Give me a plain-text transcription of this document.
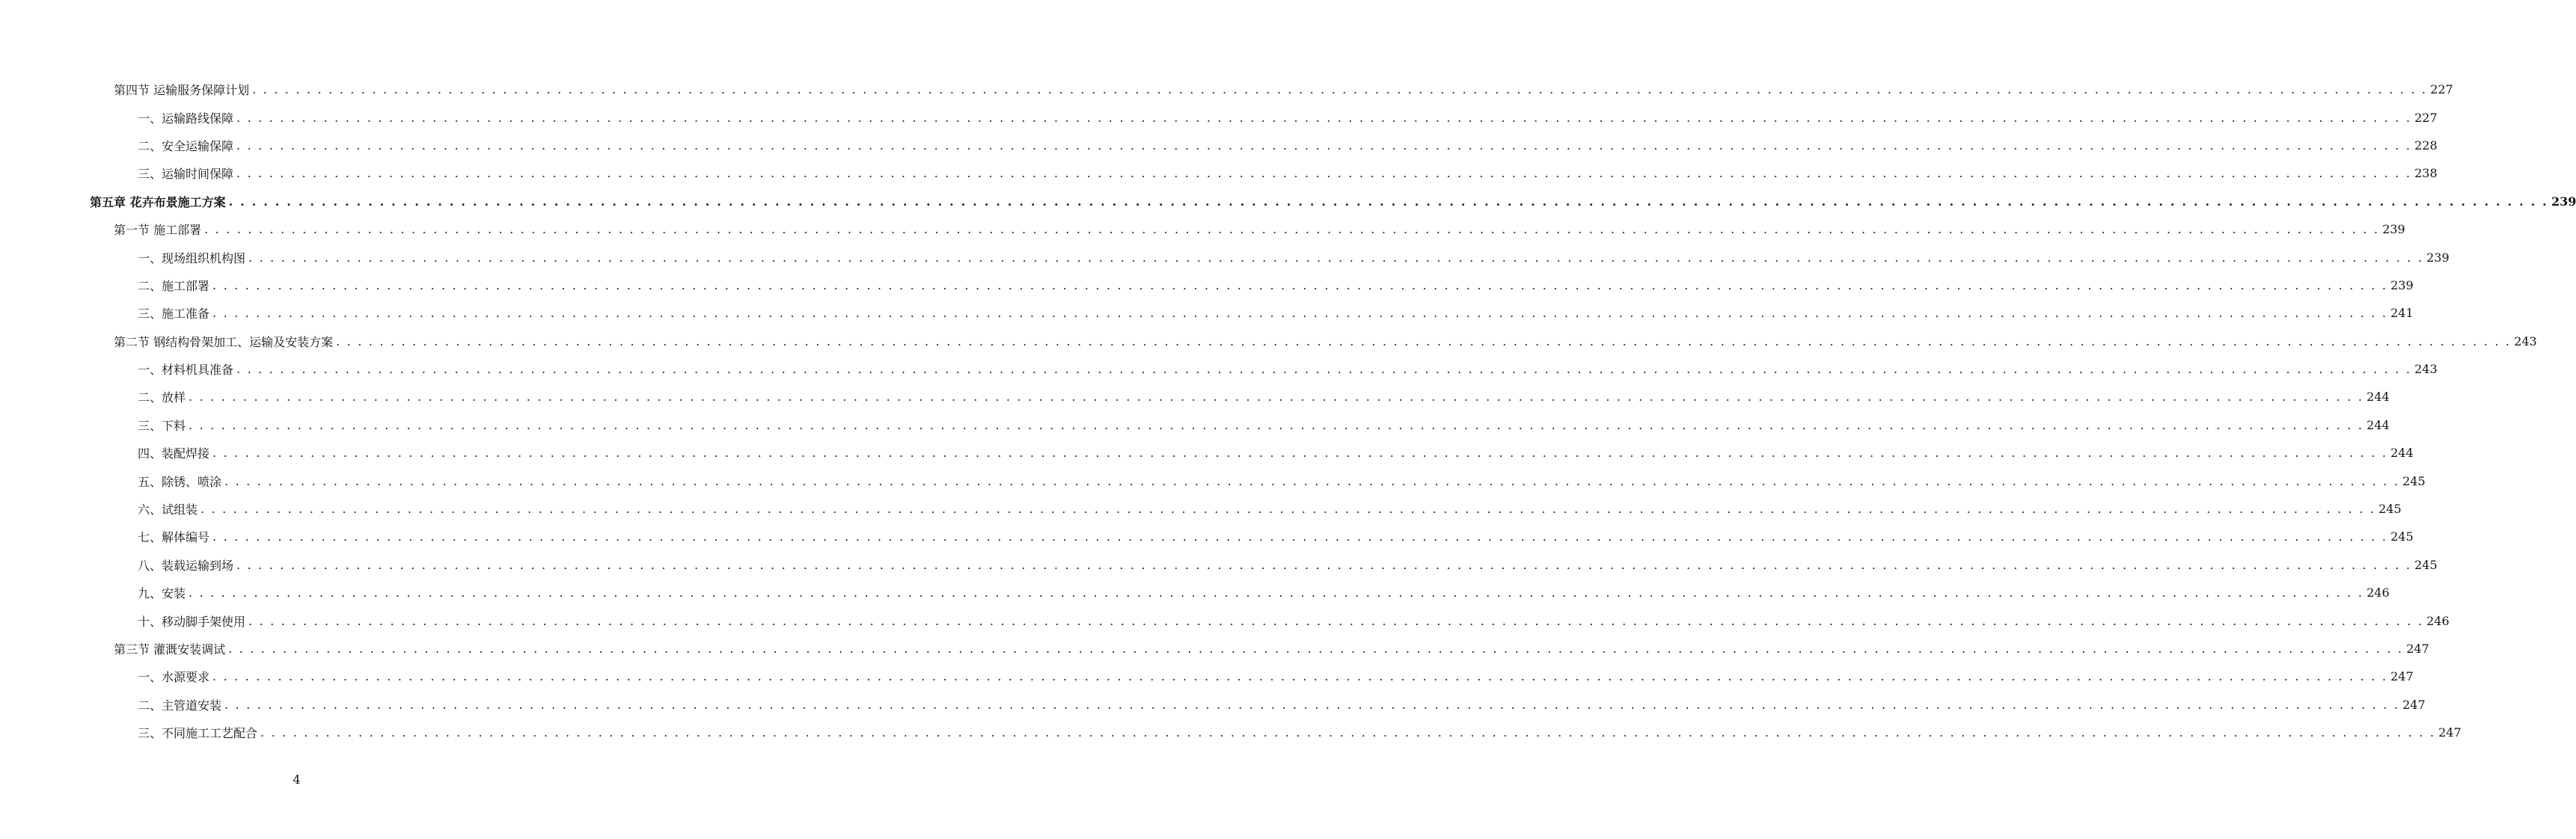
第四节 运输服务保障计划 . . . . . . . . . . . . . . . . . . . . . . . . . . . . . . . . . . . . . . . . . . . . . . . . . . . . . . . . . . . . . . . . . . . . . . . . . . . . . . . . . . . . . . . . . . . . . . . . . . . . . . . . . . . . . . . . . . . . . . . . . . . . . . . . . . . . . . . . . . . . . . . . . . . . . . . . . . . . . . . . . . . . . . . . . . . . . . . . . . . . . . . . . . . . . . . . . . . . . . . . 227
一、运输路线保障 . . . . . . . . . . . . . . . . . . . . . . . . . . . . . . . . . . . . . . . . . . . . . . . . . . . . . . . . . . . . . . . . . . . . . . . . . . . . . . . . . . . . . . . . . . . . . . . . . . . . . . . . . . . . . . . . . . . . . . . . . . . . . . . . . . . . . . . . . . . . . . . . . . . . . . . . . . . . . . . . . . . . . . . . . . . . . . . . . . . . . . . . . . . . . . . . . . . . . . . . 227
二、安全运输保障 . . . . . . . . . . . . . . . . . . . . . . . . . . . . . . . . . . . . . . . . . . . . . . . . . . . . . . . . . . . . . . . . . . . . . . . . . . . . . . . . . . . . . . . . . . . . . . . . . . . . . . . . . . . . . . . . . . . . . . . . . . . . . . . . . . . . . . . . . . . . . . . . . . . . . . . . . . . . . . . . . . . . . . . . . . . . . . . . . . . . . . . . . . . . . . . . . . . . . . . . 228
三、运输时间保障 . . . . . . . . . . . . . . . . . . . . . . . . . . . . . . . . . . . . . . . . . . . . . . . . . . . . . . . . . . . . . . . . . . . . . . . . . . . . . . . . . . . . . . . . . . . . . . . . . . . . . . . . . . . . . . . . . . . . . . . . . . . . . . . . . . . . . . . . . . . . . . . . . . . . . . . . . . . . . . . . . . . . . . . . . . . . . . . . . . . . . . . . . . . . . . . . . . . . . . . . 238
第五章 花卉布景施工方案 . . . . . . . . . . . . . . . . . . . . . . . . . . . . . . . . . . . . . . . . . . . . . . . . . . . . . . . . . . . . . . . . . . . . . . . . . . . . . . . . . . . . . . . . . . . . . . . . . . . . . . . . . . . . . . . . . . . . . . . . . . . . . . . . . . . . . . . . . . . . . . . . . . . . . . . . . . . . . . . . . . . . . . . . . . . . . . . . . . . . . . . . . . . . . . . . . . . . . . . . 239
第一节 施工部署 . . . . . . . . . . . . . . . . . . . . . . . . . . . . . . . . . . . . . . . . . . . . . . . . . . . . . . . . . . . . . . . . . . . . . . . . . . . . . . . . . . . . . . . . . . . . . . . . . . . . . . . . . . . . . . . . . . . . . . . . . . . . . . . . . . . . . . . . . . . . . . . . . . . . . . . . . . . . . . . . . . . . . . . . . . . . . . . . . . . . . . . . . . . . . . . . . . . . . . . . 239
一、现场组织机构图 . . . . . . . . . . . . . . . . . . . . . . . . . . . . . . . . . . . . . . . . . . . . . . . . . . . . . . . . . . . . . . . . . . . . . . . . . . . . . . . . . . . . . . . . . . . . . . . . . . . . . . . . . . . . . . . . . . . . . . . . . . . . . . . . . . . . . . . . . . . . . . . . . . . . . . . . . . . . . . . . . . . . . . . . . . . . . . . . . . . . . . . . . . . . . . . . . . . . . . . . 239
二、施工部署 . . . . . . . . . . . . . . . . . . . . . . . . . . . . . . . . . . . . . . . . . . . . . . . . . . . . . . . . . . . . . . . . . . . . . . . . . . . . . . . . . . . . . . . . . . . . . . . . . . . . . . . . . . . . . . . . . . . . . . . . . . . . . . . . . . . . . . . . . . . . . . . . . . . . . . . . . . . . . . . . . . . . . . . . . . . . . . . . . . . . . . . . . . . . . . . . . . . . . . . . 239
三、施工准备 . . . . . . . . . . . . . . . . . . . . . . . . . . . . . . . . . . . . . . . . . . . . . . . . . . . . . . . . . . . . . . . . . . . . . . . . . . . . . . . . . . . . . . . . . . . . . . . . . . . . . . . . . . . . . . . . . . . . . . . . . . . . . . . . . . . . . . . . . . . . . . . . . . . . . . . . . . . . . . . . . . . . . . . . . . . . . . . . . . . . . . . . . . . . . . . . . . . . . . . . 241
第二节 钢结构骨架加工、运输及安装方案 . . . . . . . . . . . . . . . . . . . . . . . . . . . . . . . . . . . . . . . . . . . . . . . . . . . . . . . . . . . . . . . . . . . . . . . . . . . . . . . . . . . . . . . . . . . . . . . . . . . . . . . . . . . . . . . . . . . . . . . . . . . . . . . . . . . . . . . . . . . . . . . . . . . . . . . . . . . . . . . . . . . . . . . . . . . . . . . . . . . . . . . . . . . . . . . . . . . . . . . . 243
一、材料机具准备 . . . . . . . . . . . . . . . . . . . . . . . . . . . . . . . . . . . . . . . . . . . . . . . . . . . . . . . . . . . . . . . . . . . . . . . . . . . . . . . . . . . . . . . . . . . . . . . . . . . . . . . . . . . . . . . . . . . . . . . . . . . . . . . . . . . . . . . . . . . . . . . . . . . . . . . . . . . . . . . . . . . . . . . . . . . . . . . . . . . . . . . . . . . . . . . . . . . . . . . . 243
二、放样 . . . . . . . . . . . . . . . . . . . . . . . . . . . . . . . . . . . . . . . . . . . . . . . . . . . . . . . . . . . . . . . . . . . . . . . . . . . . . . . . . . . . . . . . . . . . . . . . . . . . . . . . . . . . . . . . . . . . . . . . . . . . . . . . . . . . . . . . . . . . . . . . . . . . . . . . . . . . . . . . . . . . . . . . . . . . . . . . . . . . . . . . . . . . . . . . . . . . . . . . 244
三、下料 . . . . . . . . . . . . . . . . . . . . . . . . . . . . . . . . . . . . . . . . . . . . . . . . . . . . . . . . . . . . . . . . . . . . . . . . . . . . . . . . . . . . . . . . . . . . . . . . . . . . . . . . . . . . . . . . . . . . . . . . . . . . . . . . . . . . . . . . . . . . . . . . . . . . . . . . . . . . . . . . . . . . . . . . . . . . . . . . . . . . . . . . . . . . . . . . . . . . . . . . 244
四、装配焊接 . . . . . . . . . . . . . . . . . . . . . . . . . . . . . . . . . . . . . . . . . . . . . . . . . . . . . . . . . . . . . . . . . . . . . . . . . . . . . . . . . . . . . . . . . . . . . . . . . . . . . . . . . . . . . . . . . . . . . . . . . . . . . . . . . . . . . . . . . . . . . . . . . . . . . . . . . . . . . . . . . . . . . . . . . . . . . . . . . . . . . . . . . . . . . . . . . . . . . . . . 244
五、除锈、喷涂 . . . . . . . . . . . . . . . . . . . . . . . . . . . . . . . . . . . . . . . . . . . . . . . . . . . . . . . . . . . . . . . . . . . . . . . . . . . . . . . . . . . . . . . . . . . . . . . . . . . . . . . . . . . . . . . . . . . . . . . . . . . . . . . . . . . . . . . . . . . . . . . . . . . . . . . . . . . . . . . . . . . . . . . . . . . . . . . . . . . . . . . . . . . . . . . . . . . . . . . . 245
六、试组装 . . . . . . . . . . . . . . . . . . . . . . . . . . . . . . . . . . . . . . . . . . . . . . . . . . . . . . . . . . . . . . . . . . . . . . . . . . . . . . . . . . . . . . . . . . . . . . . . . . . . . . . . . . . . . . . . . . . . . . . . . . . . . . . . . . . . . . . . . . . . . . . . . . . . . . . . . . . . . . . . . . . . . . . . . . . . . . . . . . . . . . . . . . . . . . . . . . . . . . . . 245
七、解体编号 . . . . . . . . . . . . . . . . . . . . . . . . . . . . . . . . . . . . . . . . . . . . . . . . . . . . . . . . . . . . . . . . . . . . . . . . . . . . . . . . . . . . . . . . . . . . . . . . . . . . . . . . . . . . . . . . . . . . . . . . . . . . . . . . . . . . . . . . . . . . . . . . . . . . . . . . . . . . . . . . . . . . . . . . . . . . . . . . . . . . . . . . . . . . . . . . . . . . . . . . 245
八、装载运输到场 . . . . . . . . . . . . . . . . . . . . . . . . . . . . . . . . . . . . . . . . . . . . . . . . . . . . . . . . . . . . . . . . . . . . . . . . . . . . . . . . . . . . . . . . . . . . . . . . . . . . . . . . . . . . . . . . . . . . . . . . . . . . . . . . . . . . . . . . . . . . . . . . . . . . . . . . . . . . . . . . . . . . . . . . . . . . . . . . . . . . . . . . . . . . . . . . . . . . . . . . 245
九、安装 . . . . . . . . . . . . . . . . . . . . . . . . . . . . . . . . . . . . . . . . . . . . . . . . . . . . . . . . . . . . . . . . . . . . . . . . . . . . . . . . . . . . . . . . . . . . . . . . . . . . . . . . . . . . . . . . . . . . . . . . . . . . . . . . . . . . . . . . . . . . . . . . . . . . . . . . . . . . . . . . . . . . . . . . . . . . . . . . . . . . . . . . . . . . . . . . . . . . . . . . 246
十、移动脚手架使用 . . . . . . . . . . . . . . . . . . . . . . . . . . . . . . . . . . . . . . . . . . . . . . . . . . . . . . . . . . . . . . . . . . . . . . . . . . . . . . . . . . . . . . . . . . . . . . . . . . . . . . . . . . . . . . . . . . . . . . . . . . . . . . . . . . . . . . . . . . . . . . . . . . . . . . . . . . . . . . . . . . . . . . . . . . . . . . . . . . . . . . . . . . . . . . . . . . . . . . . . 246
第三节 灌溉安装调试 . . . . . . . . . . . . . . . . . . . . . . . . . . . . . . . . . . . . . . . . . . . . . . . . . . . . . . . . . . . . . . . . . . . . . . . . . . . . . . . . . . . . . . . . . . . . . . . . . . . . . . . . . . . . . . . . . . . . . . . . . . . . . . . . . . . . . . . . . . . . . . . . . . . . . . . . . . . . . . . . . . . . . . . . . . . . . . . . . . . . . . . . . . . . . . . . . . . . . . . . 247
一、水源要求 . . . . . . . . . . . . . . . . . . . . . . . . . . . . . . . . . . . . . . . . . . . . . . . . . . . . . . . . . . . . . . . . . . . . . . . . . . . . . . . . . . . . . . . . . . . . . . . . . . . . . . . . . . . . . . . . . . . . . . . . . . . . . . . . . . . . . . . . . . . . . . . . . . . . . . . . . . . . . . . . . . . . . . . . . . . . . . . . . . . . . . . . . . . . . . . . . . . . . . . . 247
二、主管道安装 . . . . . . . . . . . . . . . . . . . . . . . . . . . . . . . . . . . . . . . . . . . . . . . . . . . . . . . . . . . . . . . . . . . . . . . . . . . . . . . . . . . . . . . . . . . . . . . . . . . . . . . . . . . . . . . . . . . . . . . . . . . . . . . . . . . . . . . . . . . . . . . . . . . . . . . . . . . . . . . . . . . . . . . . . . . . . . . . . . . . . . . . . . . . . . . . . . . . . . . . 247
三、不同施工工艺配合 . . . . . . . . . . . . . . . . . . . . . . . . . . . . . . . . . . . . . . . . . . . . . . . . . . . . . . . . . . . . . . . . . . . . . . . . . . . . . . . . . . . . . . . . . . . . . . . . . . . . . . . . . . . . . . . . . . . . . . . . . . . . . . . . . . . . . . . . . . . . . . . . . . . . . . . . . . . . . . . . . . . . . . . . . . . . . . . . . . . . . . . . . . . . . . . . . . . . . . . . 247
4
